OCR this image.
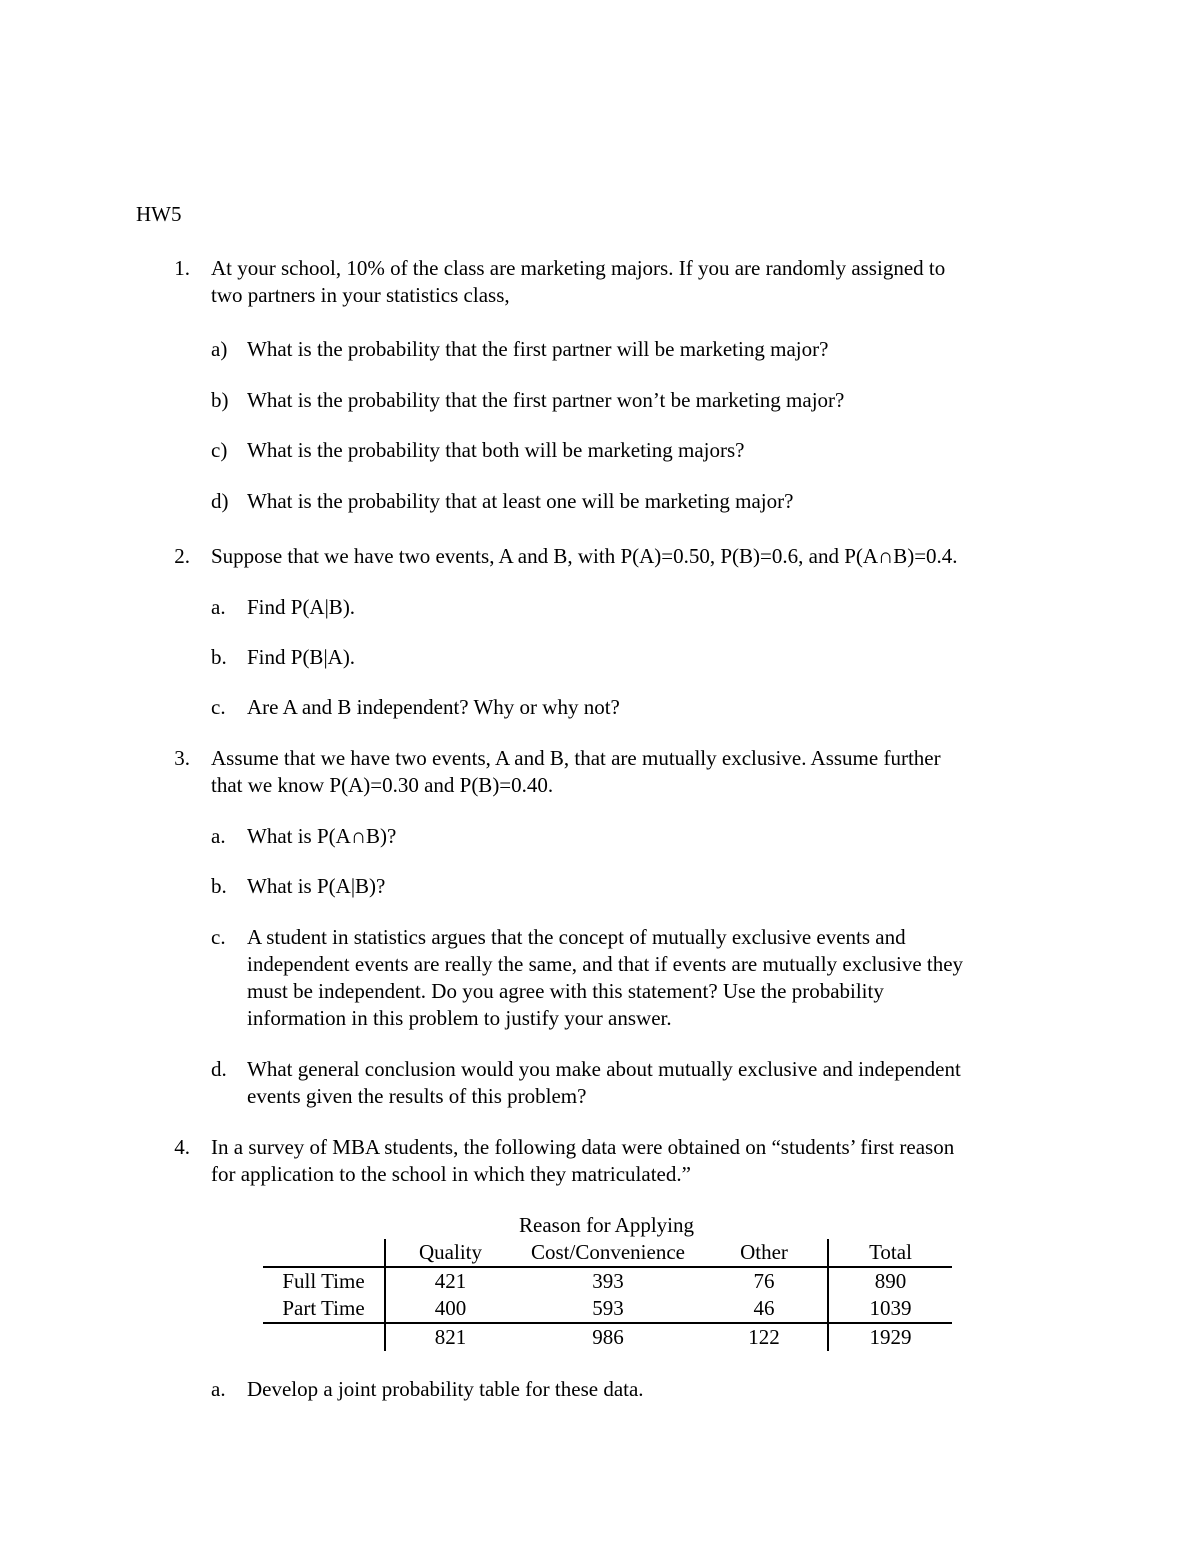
HW5
1. At your school, 10% of the class are marketing majors. If you are randomly assigned to
two partners in your statistics class,
a) What is the probability that the first partner will be marketing major?
b) What is the probability that the first partner won’t be marketing major?
c) What is the probability that both will be marketing majors?
d) What is the probability that at least one will be marketing major?
2. Suppose that we have two events, A and B, with P(A)=0.50, P(B)=0.6, and P(A∩B)=0.4.
a. Find P(A|B).
b. Find P(B|A).
c. Are A and B independent? Why or why not?
3. Assume that we have two events, A and B, that are mutually exclusive. Assume further
that we know P(A)=0.30 and P(B)=0.40.
a. What is P(A∩B)?
b. What is P(A|B)?
c. A student in statistics argues that the concept of mutually exclusive events and
independent events are really the same, and that if events are mutually exclusive they
must be independent. Do you agree with this statement? Use the probability
information in this problem to justify your answer.
d. What general conclusion would you make about mutually exclusive and independent
events given the results of this problem?
4. In a survey of MBA students, the following data were obtained on “students’ first reason
for application to the school in which they matriculated.”
	Reason for Applying			
	Quality	Cost/Convenience	Other	Total
Full Time	421	393	76	890
Part Time	400	593	46	1039
	821	986	122	1929
a. Develop a joint probability table for these data.
